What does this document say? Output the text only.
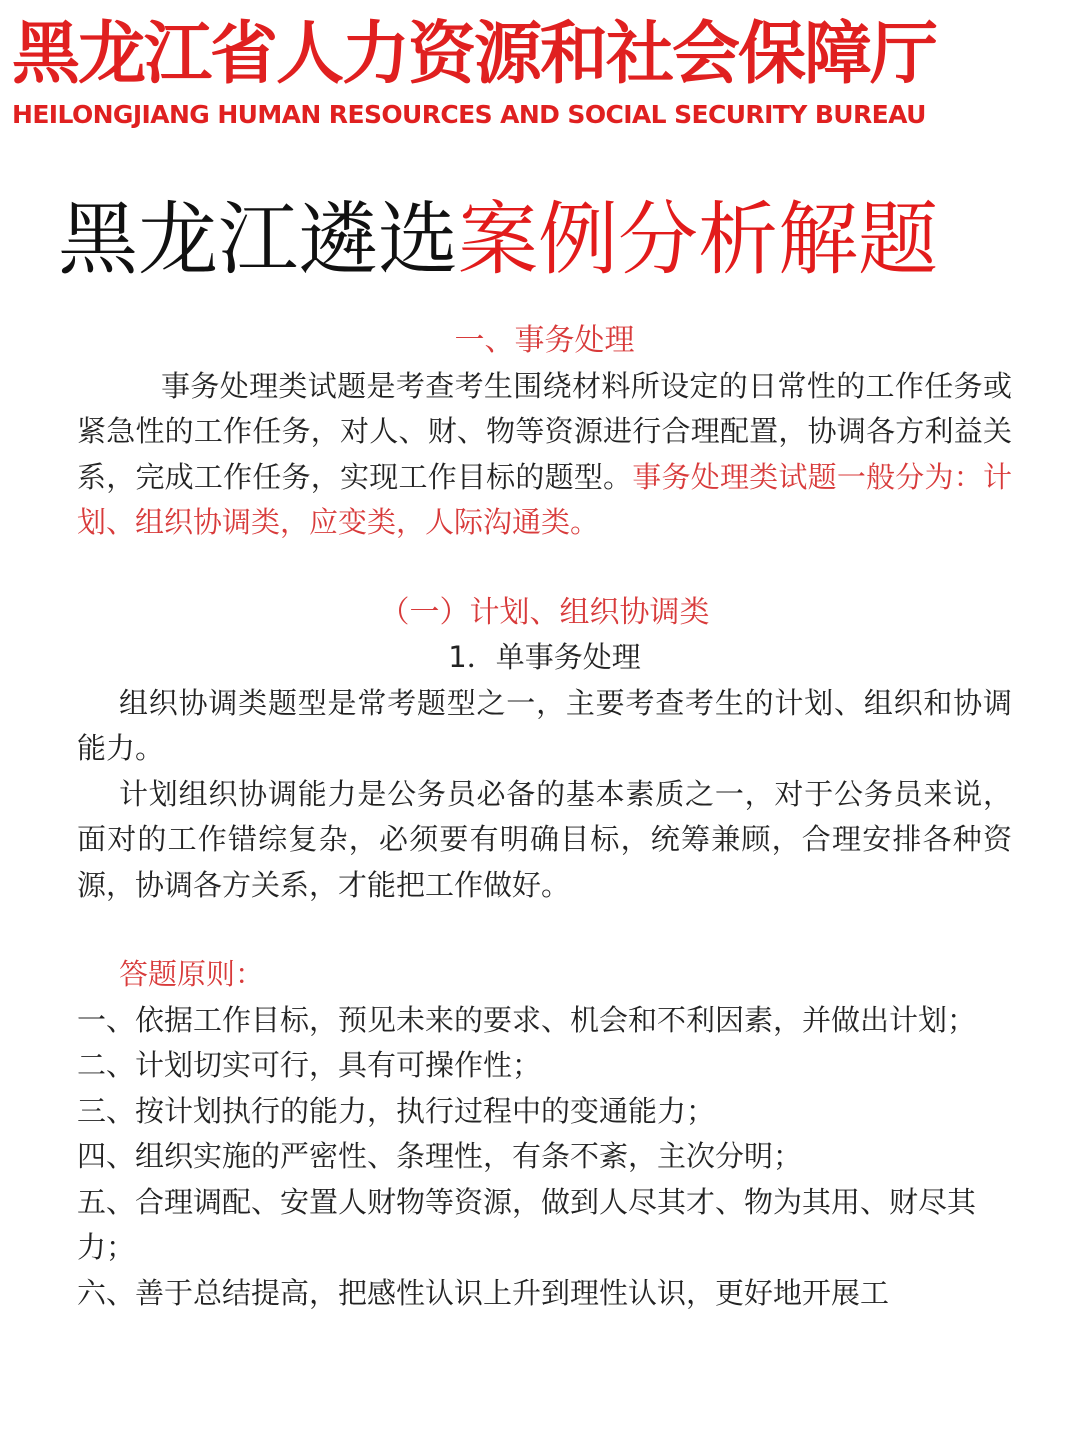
黑龙江省人力资源和社会保障厅
HEILONGJIANG HUMAN RESOURCES AND SOCIAL SECURITY BUREAU
黑龙江遴选案例分析解题
一、事务处理

事务处理类试题是考查考生围绕材料所设定的日常性的工作任务或紧急性的工作任务，对人、财、物等资源进行合理配置，协调各方利益关系，完成工作任务，实现工作目标的题型。事务处理类试题一般分为：计划、组织协调类，应变类，人际沟通类。

（一）计划、组织协调类
1．单事务处理

组织协调类题型是常考题型之一，主要考查考生的计划、组织和协调能力。

计划组织协调能力是公务员必备的基本素质之一，对于公务员来说，面对的工作错综复杂，必须要有明确目标，统筹兼顾，合理安排各种资源，协调各方关系，才能把工作做好。

答题原则：

一、依据工作目标，预见未来的要求、机会和不利因素，并做出计划；

二、计划切实可行，具有可操作性；

三、按计划执行的能力，执行过程中的变通能力；

四、组织实施的严密性、条理性，有条不紊，主次分明；

五、合理调配、安置人财物等资源，做到人尽其才、物为其用、财尽其力；

六、善于总结提高，把感性认识上升到理性认识，更好地开展工
